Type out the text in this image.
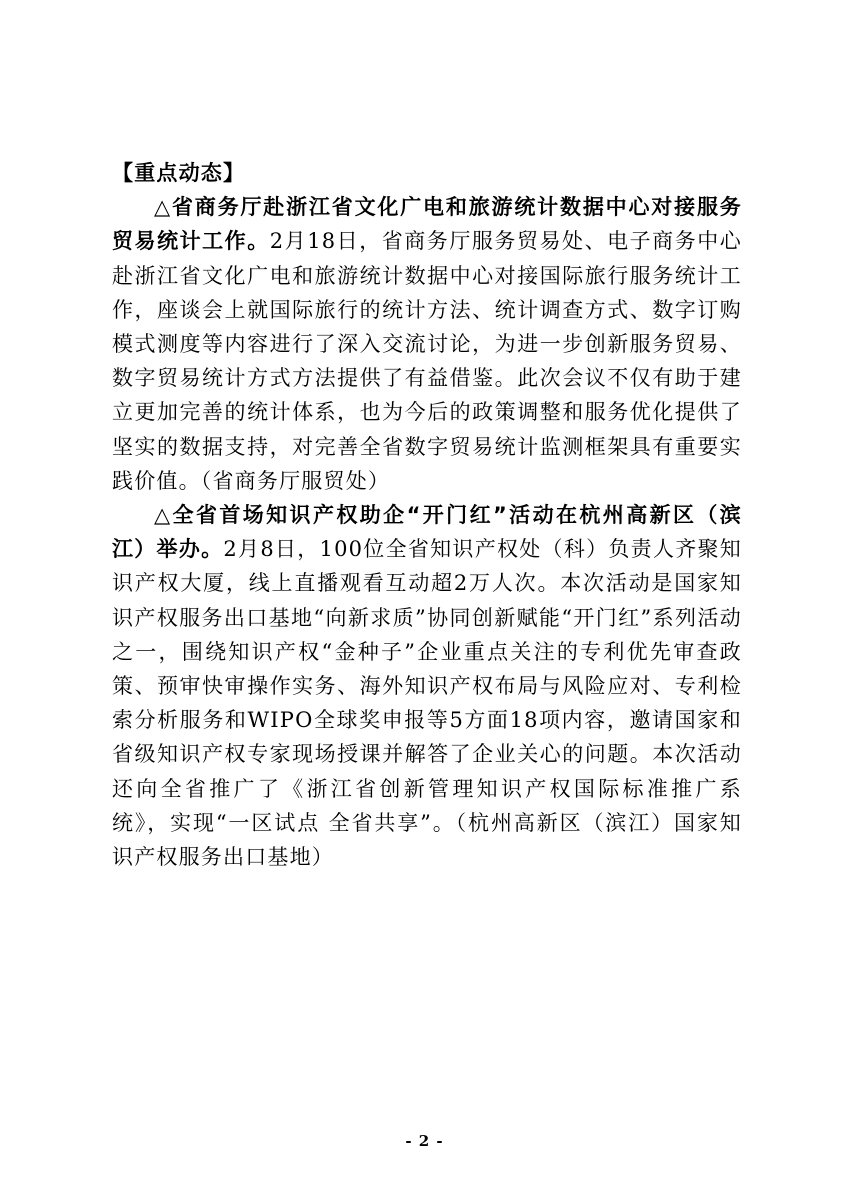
【重点动态】

△省商务厅赴浙江省文化广电和旅游统计数据中心对接服务贸易统计工作。2月18日，省商务厅服务贸易处、电子商务中心赴浙江省文化广电和旅游统计数据中心对接国际旅行服务统计工作，座谈会上就国际旅行的统计方法、统计调查方式、数字订购模式测度等内容进行了深入交流讨论，为进一步创新服务贸易、数字贸易统计方式方法提供了有益借鉴。此次会议不仅有助于建立更加完善的统计体系，也为今后的政策调整和服务优化提供了坚实的数据支持，对完善全省数字贸易统计监测框架具有重要实践价值。（省商务厅服贸处）

△全省首场知识产权助企“开门红”活动在杭州高新区（滨江）举办。2月8日，100位全省知识产权处（科）负责人齐聚知识产权大厦，线上直播观看互动超2万人次。本次活动是国家知识产权服务出口基地“向新求质”协同创新赋能“开门红”系列活动之一，围绕知识产权“金种子”企业重点关注的专利优先审查政策、预审快审操作实务、海外知识产权布局与风险应对、专利检索分析服务和WIPO全球奖申报等5方面18项内容，邀请国家和省级知识产权专家现场授课并解答了企业关心的问题。本次活动还向全省推广了《浙江省创新管理知识产权国际标准推广系统》，实现“一区试点 全省共享”。（杭州高新区（滨江）国家知识产权服务出口基地）

- 2 -
